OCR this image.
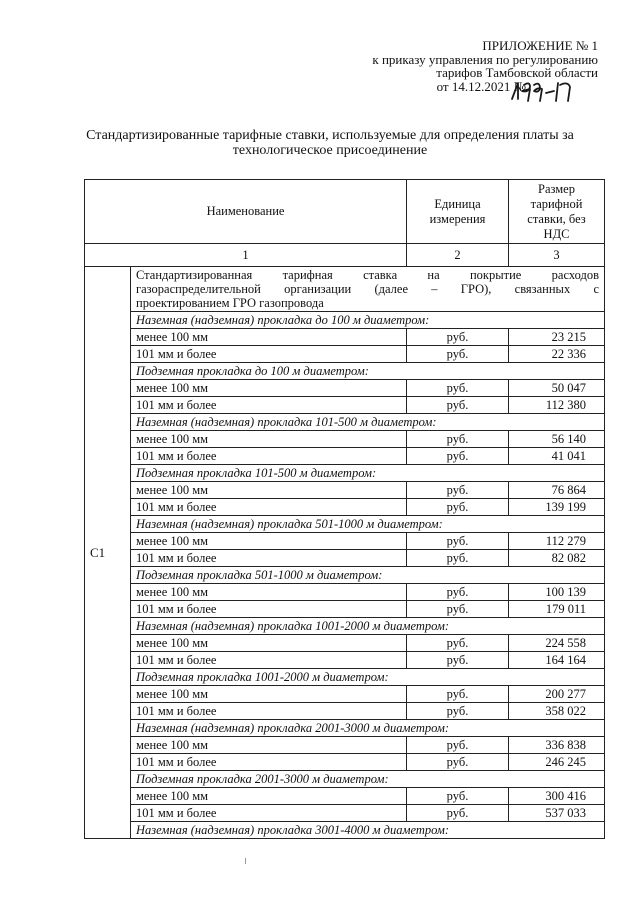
ПРИЛОЖЕНИЕ № 1
к приказу управления по регулированию
тарифов Тамбовской области
от 14.12.2021 №
Стандартизированные тарифные ставки, используемые для определения платы за
технологическое присоединение
Наименование		Единица измерения	Размер тарифной ставки, без НДС
1		2	3
С1	Стандартизированная тарифная ставка на покрытие расходов
газораспределительной организации (далее – ГРО), связанных с
проектированием ГРО газопровода		

	Наземная (надземная) прокладка до 100 м диаметром:		
	менее 100 мм	руб.	23 215
	101 мм и более	руб.	22 336
	Подземная прокладка до 100 м диаметром:		
	менее 100 мм	руб.	50 047
	101 мм и более	руб.	112 380
	Наземная (надземная) прокладка 101-500 м диаметром:		
	менее 100 мм	руб.	56 140
	101 мм и более	руб.	41 041
	Подземная прокладка 101-500 м диаметром:		
	менее 100 мм	руб.	76 864
	101 мм и более	руб.	139 199
	Наземная (надземная) прокладка 501-1000 м диаметром:		
	менее 100 мм	руб.	112 279
	101 мм и более	руб.	82 082
	Подземная прокладка 501-1000 м диаметром:		
	менее 100 мм	руб.	100 139
	101 мм и более	руб.	179 011
	Наземная (надземная) прокладка 1001-2000 м диаметром:		
	менее 100 мм	руб.	224 558
	101 мм и более	руб.	164 164
	Подземная прокладка 1001-2000 м диаметром:		
	менее 100 мм	руб.	200 277
	101 мм и более	руб.	358 022
	Наземная (надземная) прокладка 2001-3000 м диаметром:		
	менее 100 мм	руб.	336 838
	101 мм и более	руб.	246 245
	Подземная прокладка 2001-3000 м диаметром:		
	менее 100 мм	руб.	300 416
	101 мм и более	руб.	537 033
	Наземная (надземная) прокладка 3001-4000 м диаметром:		
